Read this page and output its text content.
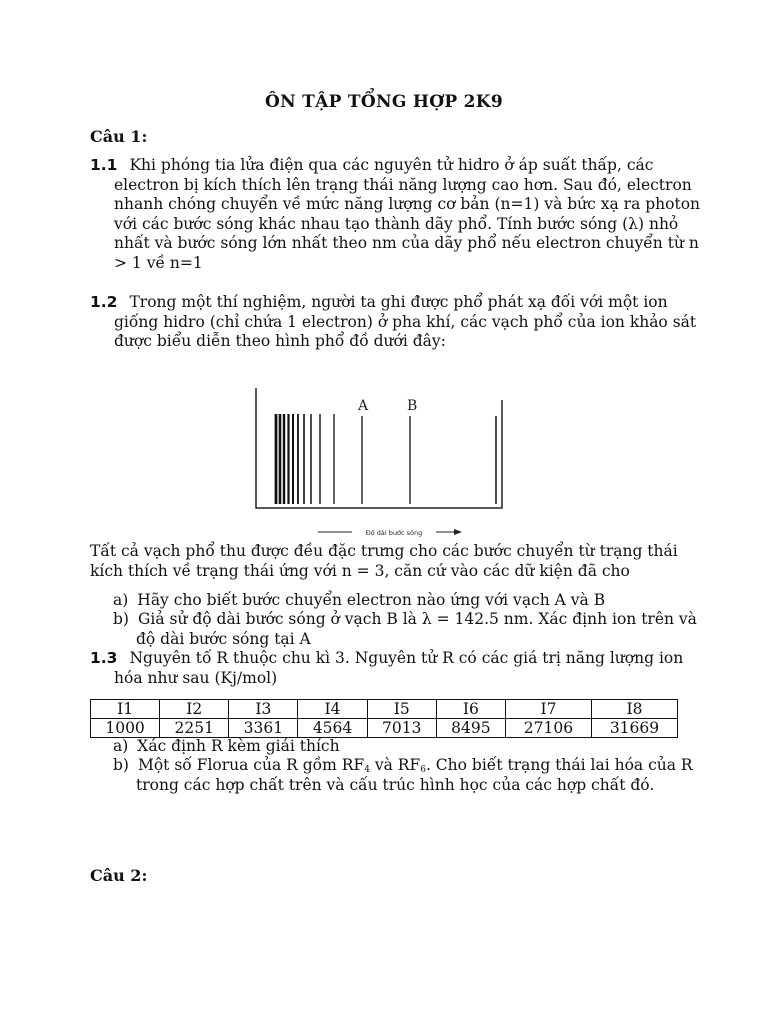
ÔN TẬP TỔNG HỢP 2K9
Câu 1:
1.1 Khi phóng tia lửa điện qua các nguyên tử hidro ở áp suất thấp, các electron bị kích thích lên trạng thái năng lượng cao hơn. Sau đó, electron nhanh chóng chuyển về mức năng lượng cơ bản (n=1) và bức xạ ra photon với các bước sóng khác nhau tạo thành dãy phổ. Tính bước sóng (λ) nhỏ nhất và bước sóng lớn nhất theo nm của dãy phổ nếu electron chuyển từ n > 1 về n=1
1.2 Trong một thí nghiệm, người ta ghi được phổ phát xạ đối với một ion giống hidro (chỉ chứa 1 electron) ở pha khí, các vạch phổ của ion khảo sát được biểu diễn theo hình phổ đồ dưới đây:
A	B
Độ dài bước sóng
Tất cả vạch phổ thu được đều đặc trưng cho các bước chuyển từ trạng thái kích thích về trạng thái ứng với n = 3, căn cứ vào các dữ kiện đã cho
a) Hãy cho biết bước chuyển electron nào ứng với vạch A và B
b) Giả sử độ dài bước sóng ở vạch B là λ = 142.5 nm. Xác định ion trên và độ dài bước sóng tại A
1.3 Nguyên tố R thuộc chu kì 3. Nguyên tử R có các giá trị năng lượng ion hóa như sau (Kj/mol)
I1	I2	I3	I4	I5	I6	I7	I8
1000	2251	3361	4564	7013	8495	27106	31669
a) Xác định R kèm giải thích
b) Một số Florua của R gồm $RF_4$ và $RF_6$. Cho biết trạng thái lai hóa của R trong các hợp chất trên và cấu trúc hình học của các hợp chất đó.
Câu 2:
